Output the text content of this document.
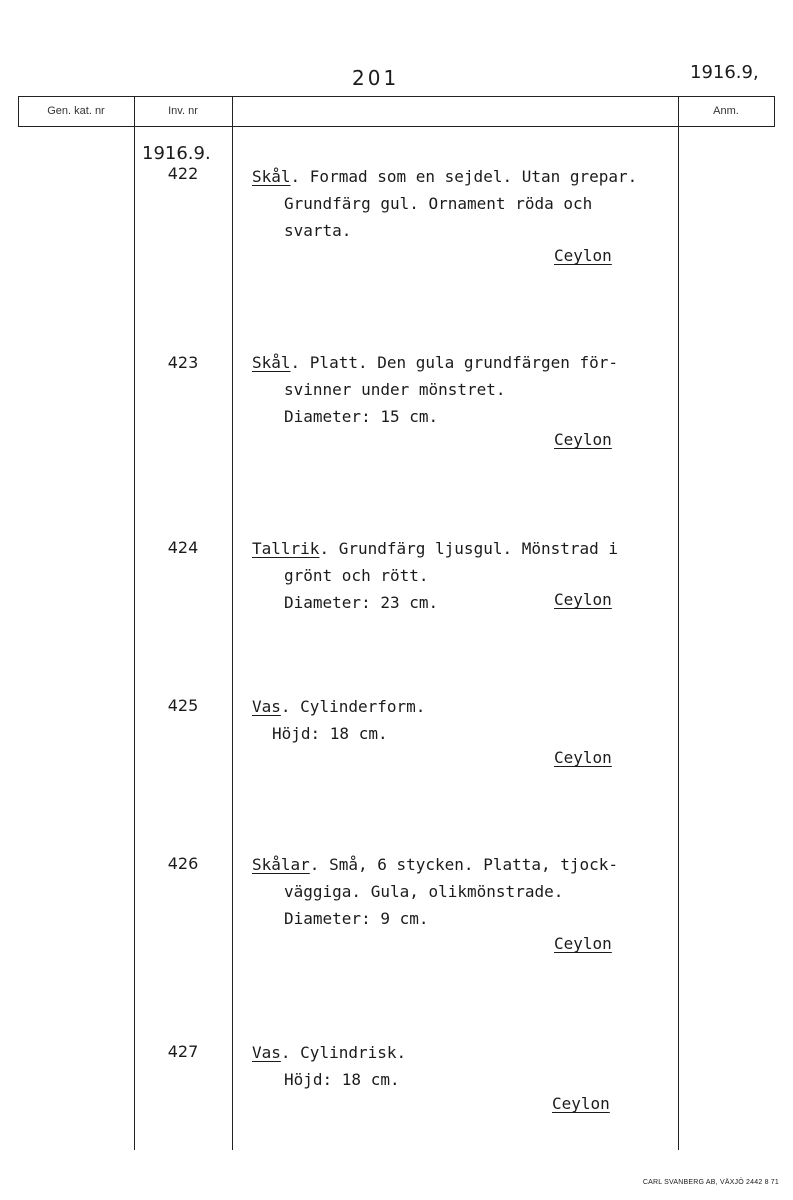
201	1916.9,
Gen. kat. nr	Inv. nr	Anm.
1916.9.
422	Skål. Formad som en sejdel. Utan grepar.
Grundfärg gul. Ornament röda och
svarta.
Ceylon
423	Skål. Platt. Den gula grundfärgen för-
svinner under mönstret.
Diameter: 15 cm.
Ceylon
424	Tallrik. Grundfärg ljusgul. Mönstrad i
grönt och rött.
Diameter: 23 cm.	Ceylon
425	Vas. Cylinderform.
Höjd: 18 cm.
Ceylon
426	Skålar. Små, 6 stycken. Platta, tjock-
väggiga. Gula, olikmönstrade.
Diameter: 9 cm.
Ceylon
427	Vas. Cylindrisk.
Höjd: 18 cm.
Ceylon
CARL SVANBERG AB, VÄXJÖ 2442 8 71
